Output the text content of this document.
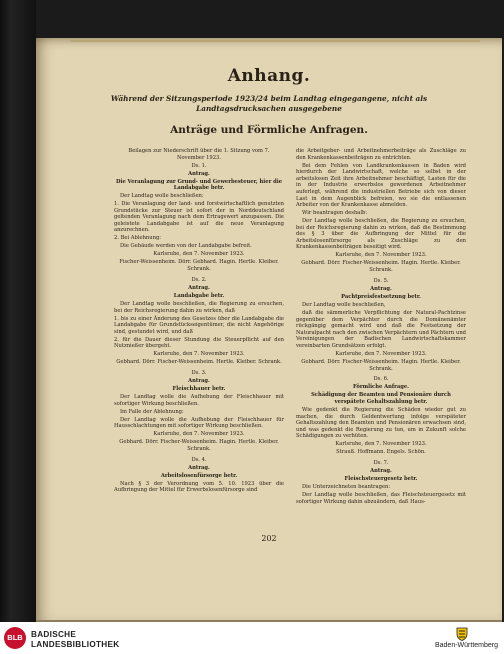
Anhang.
Während der Sitzungsperiode 1923/24 beim Landtag eingegangene, nicht als Landtagsdrucksachen ausgegebene
Anträge und Förmliche Anfragen.

Beilagen zur Niederschrift über die 1. Sitzung vom 7. November 1923.

Ds. 1.

Antrag.

Die Veranlagung zur Grund- und Gewerbesteuer, hier die Landabgabe betr.

Der Landtag wolle beschließen:

1. Die Veranlagung der land- und forstwirtschaftlich genutzten Grundstücke zur Steuer ist sofort der in Norddeutschland geltenden Veranlagung nach dem Ertragswert anzupassen. Die geleistete Landabgabe ist auf die neue Veranlagung anzurechnen.

2. Bei Ablehnung:

Die Gebäude werden von der Landabgabe befreit.

Karlsruhe, den 7. November 1923.

Fischer-Weissenheim. Dörr. Gebhard. Hagin. Hertle. Kleiber. Schrank.

Ds. 2.

Antrag.

Landabgabe betr.

Der Landtag wolle beschließen, die Regierung zu ersuchen, bei der Reichsregierung dahin zu wirken, daß

1. bis zu einer Änderung des Gesetzes über die Landabgabe die Landabgabe für Grundstückseigentümer, die nicht Angehörige sind, gestundet wird, und daß

2. für die Dauer dieser Stundung die Steuerpflicht auf den Nutznießer übergeht.

Karlsruhe, den 7. November 1923.

Gebhard. Dörr. Fischer-Weissenheim. Hertle. Kleiber. Schrank.

Ds. 3.

Antrag.

Fleischhauer betr.

Der Landtag wolle die Aufhebung der Fleischhauer mit sofortiger Wirkung beschließen.

Im Falle der Ablehnung:

Der Landtag wolle die Aufhebung der Fleischhauer für Hausschlachtungen mit sofortiger Wirkung beschließen.

Karlsruhe, den 7. November 1923.

Gebhard. Dörr. Fischer-Weissenheim. Hagin. Hertle. Kleiber. Schrank.

Ds. 4.

Antrag.

Arbeitslosenfürsorge betr.

Nach § 3 der Verordnung vom 5. 10. 1923 über die Aufbringung der Mittel für Erwerbslosenfürsorge sind

die Arbeitgeber- und Arbeitnehmerbeiträge als Zuschläge zu den Krankenkassenbeiträgen zu entrichten.

Bei dem Fehlen von Landkrankenkassen in Baden wird hierdurch der Landwirtschaft, welche so selbst in der arbeitslosen Zeit ihre Arbeitnehmer beschäftigt, Lasten für die in der Industrie erwerbslos gewordenen Arbeitnehmer auferlegt, während die industriellen Betriebe sich von dieser Last in dem Augenblick befreien, wo sie die entlassenen Arbeiter von der Krankenkasse abmelden.

Wir beantragen deshalb:

Der Landtag wolle beschließen, die Regierung zu ersuchen, bei der Reichsregierung dahin zu wirken, daß die Bestimmung des § 3 über die Aufbringung der Mittel für die Arbeitslosenfürsorge als Zuschläge zu den Krankenkassenbeiträgen beseitigt wird.

Karlsruhe, den 7. November 1923.

Gebhard. Dörr. Fischer-Weissenheim. Hagin. Hertle. Kleiber. Schrank.

Ds. 5.

Antrag.

Pachtpreisfestsetzung betr.

Der Landtag wolle beschließen,

daß die sämmerliche Verpflichtung der Natural-Pachtzinse gegenüber dem Verpächter durch die Domänenämter rückgängig gemacht wird und daß die Festsetzung der Naturalpacht nach den zwischen Verpächtern und Pächtern und Vereinigungen der Badischen Landwirtschaftskammer vereinbarten Grundsätzen erfolgt.

Karlsruhe, den 7. November 1923.

Gebhard. Dörr. Fischer-Weissenheim. Hagin. Hertle. Kleiber. Schrank.

Ds. 6.

Förmliche Anfrage.

Schädigung der Beamten und Pensionäre durch verspätete Gehaltszahlung betr.

Wie gedenkt die Regierung die Schäden wieder gut zu machen, die durch Geldentwertung infolge verspäteter Gehaltszahlung den Beamten und Pensionären erwachsen sind, und was gedenkt die Regierung zu tun, um in Zukunft solche Schädigungen zu verhüten.

Karlsruhe, den 7. November 1923.

Strauß. Hoffmann. Engels. Schön.

Ds. 7.

Antrag.

Fleischsteuergesetz betr.

Die Unterzeichneten beantragen:

Der Landtag wolle beschließen, das Fleischsteuergesetz mit sofortiger Wirkung dahin abzuändern, daß Haus-

202
BLB	BADISCHE
LANDESBIBLIOTHEK	Baden-Württemberg
